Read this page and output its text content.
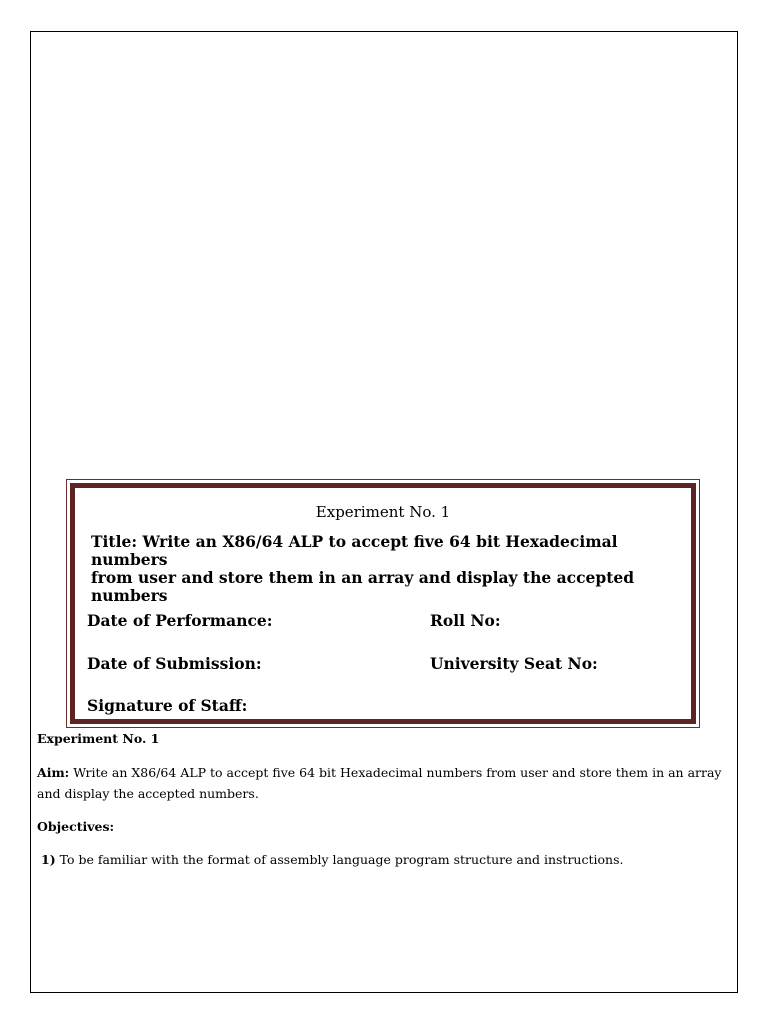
Experiment No. 1
Title: Write an X86/64 ALP to accept five 64 bit Hexadecimal numbers
from user and store them in an array and display the accepted numbers
Date of Performance:	Roll No:
Date of Submission:	University Seat No:
Signature of Staff:
Experiment No. 1
Aim: Write an X86/64 ALP to accept five 64 bit Hexadecimal numbers from user and store them in an array
and display the accepted numbers.
Objectives:
1) To be familiar with the format of assembly language program structure and instructions.
